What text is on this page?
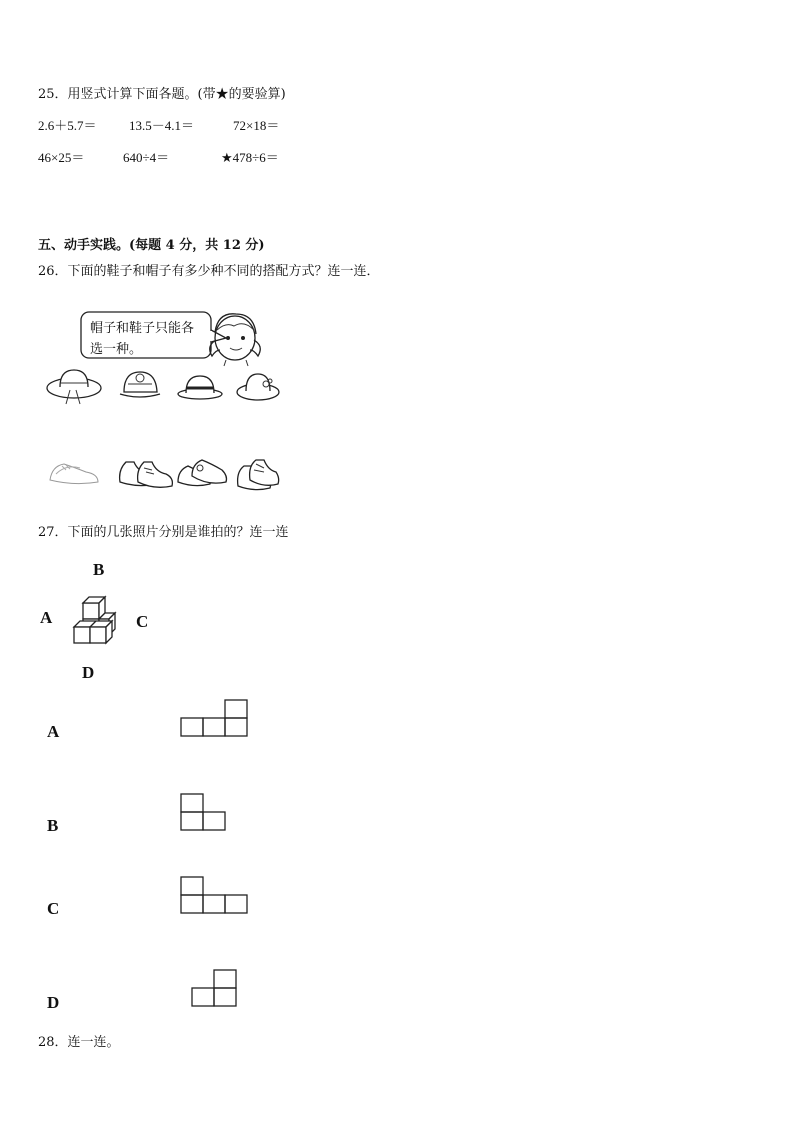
25．用竖式计算下面各题。(带★的要验算)
2.6＋5.7＝ 13.5－4.1＝	72×18＝
46×25＝	640÷4＝	★478÷6＝
五、动手实践。(每题 4 分，共 12 分)
26．下面的鞋子和帽子有多少种不同的搭配方式？连一连．
帽子和鞋子只能各选一种。
27．下面的几张照片分别是谁拍的？连一连
B
A	C
D
A
B
C
D
28．连一连。
